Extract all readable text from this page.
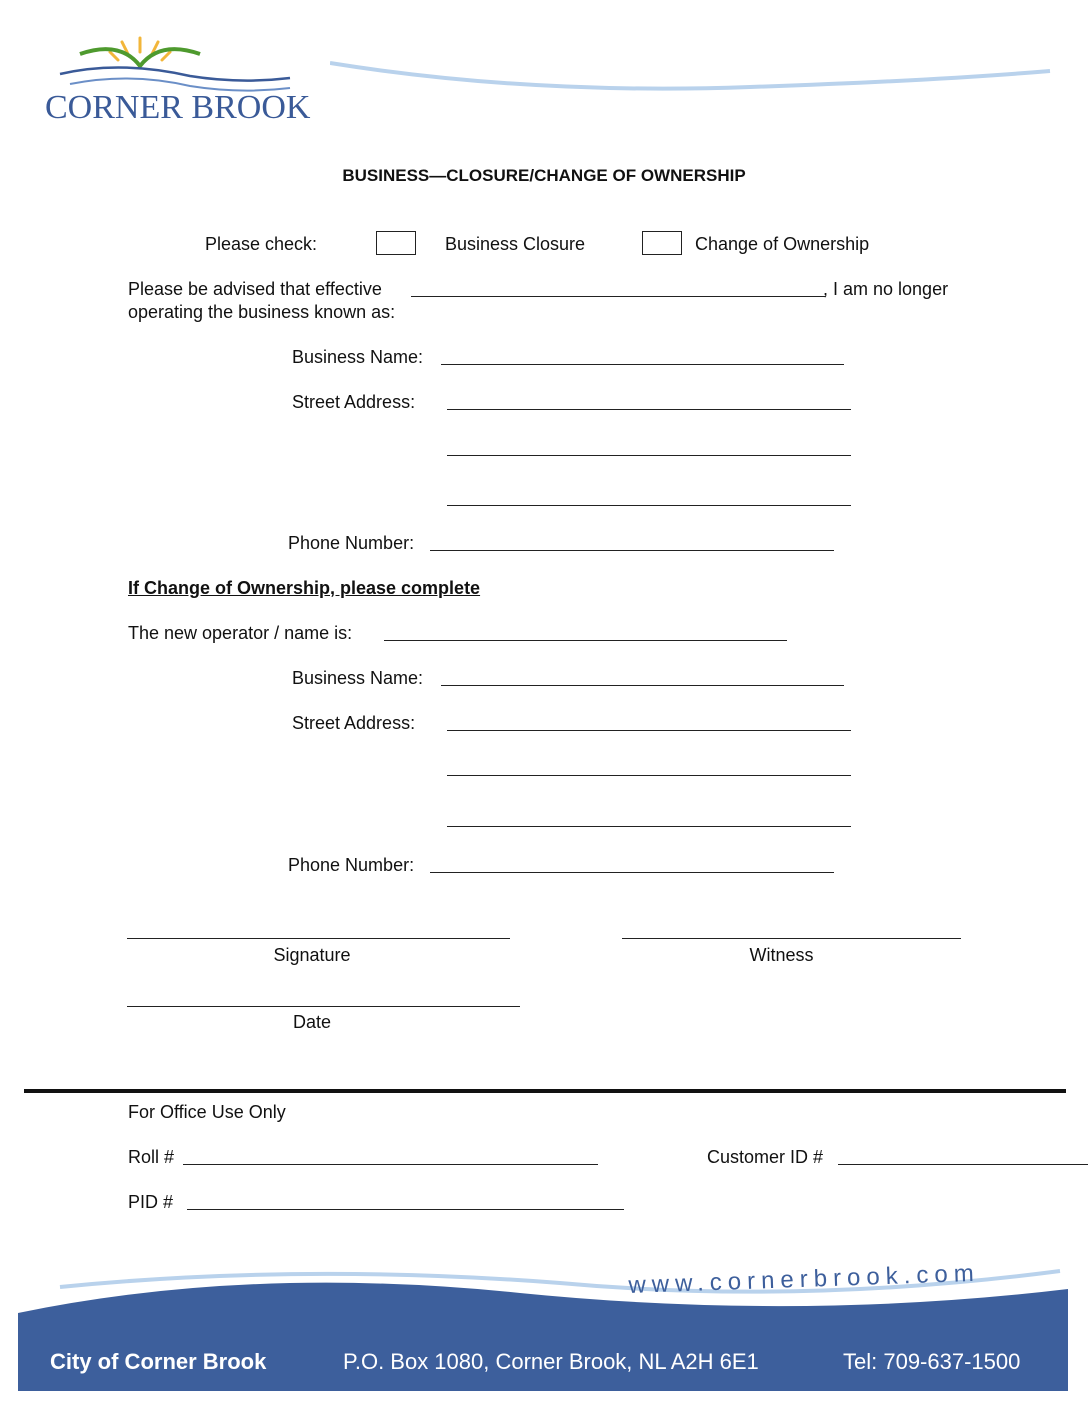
CORNER BROOK
BUSINESS—CLOSURE/CHANGE OF OWNERSHIP
Please check:	Business Closure	Change of Ownership
Please be advised that effective	, I am no longer
operating the business known as:
Business Name:
Street Address:
Phone Number:
If Change of Ownership, please complete
The new operator / name is:
Business Name:
Street Address:
Phone Number:
Signature	Witness
Date
For Office Use Only
Roll #	Customer ID #
PID #
www.cornerbrook.com
City of Corner Brook	P.O. Box 1080, Corner Brook, NL A2H 6E1	Tel: 709-637-1500
